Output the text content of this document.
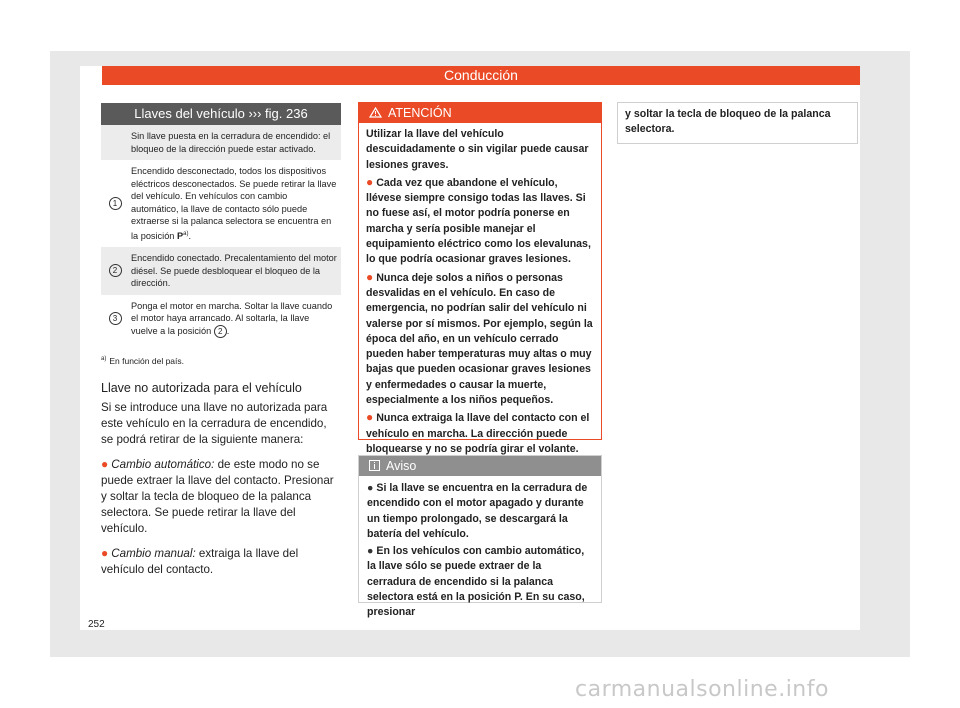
Conducción
Llaves del vehículo ››› fig. 236
Sin llave puesta en la cerradura de encendido: el bloqueo de la dirección puede estar activado.
1
Encendido desconectado, todos los dispositivos eléctricos desconectados. Se puede retirar la llave del vehículo. En vehículos con cambio automático, la llave de contacto sólo puede extraerse si la palanca selectora se encuentra en la posición $P^{a)}$.
2
Encendido conectado. Precalentamiento del motor diésel. Se puede desbloquear el bloqueo de la dirección.
3
Ponga el motor en marcha. Soltar la llave cuando el motor haya arrancado. Al soltarla, la llave vuelve a la posición 2 .
$^{a)}$ En función del país.
Llave no autorizada para el vehículo
Si se introduce una llave no autorizada para este vehículo en la cerradura de encendido, se podrá retirar de la siguiente manera:
● Cambio automático: de este modo no se puede extraer la llave del contacto. Presionar y soltar la tecla de bloqueo de la palanca selectora. Se puede retirar la llave del vehículo.
● Cambio manual: extraiga la llave del vehículo del contacto.
ATENCIÓN
Utilizar la llave del vehículo descuidadamente o sin vigilar puede causar lesiones graves.
● Cada vez que abandone el vehículo, llévese siempre consigo todas las llaves. Si no fuese así, el motor podría ponerse en marcha y sería posible manejar el equipamiento eléctrico como los elevalunas, lo que podría ocasionar graves lesiones.
● Nunca deje solos a niños o personas desvalidas en el vehículo. En caso de emergencia, no podrían salir del vehículo ni valerse por sí mismos. Por ejemplo, según la época del año, en un vehículo cerrado pueden haber temperaturas muy altas o muy bajas que pueden ocasionar graves lesiones y enfermedades o causar la muerte, especialmente a los niños pequeños.
● Nunca extraiga la llave del contacto con el vehículo en marcha. La dirección puede bloquearse y no se podría girar el volante.
Aviso
● Si la llave se encuentra en la cerradura de encendido con el motor apagado y durante un tiempo prolongado, se descargará la batería del vehículo.
● En los vehículos con cambio automático, la llave sólo se puede extraer de la cerradura de encendido si la palanca selectora está en la posición P. En su caso, presionar
y soltar la tecla de bloqueo de la palanca selectora.
252
carmanualsonline.info
